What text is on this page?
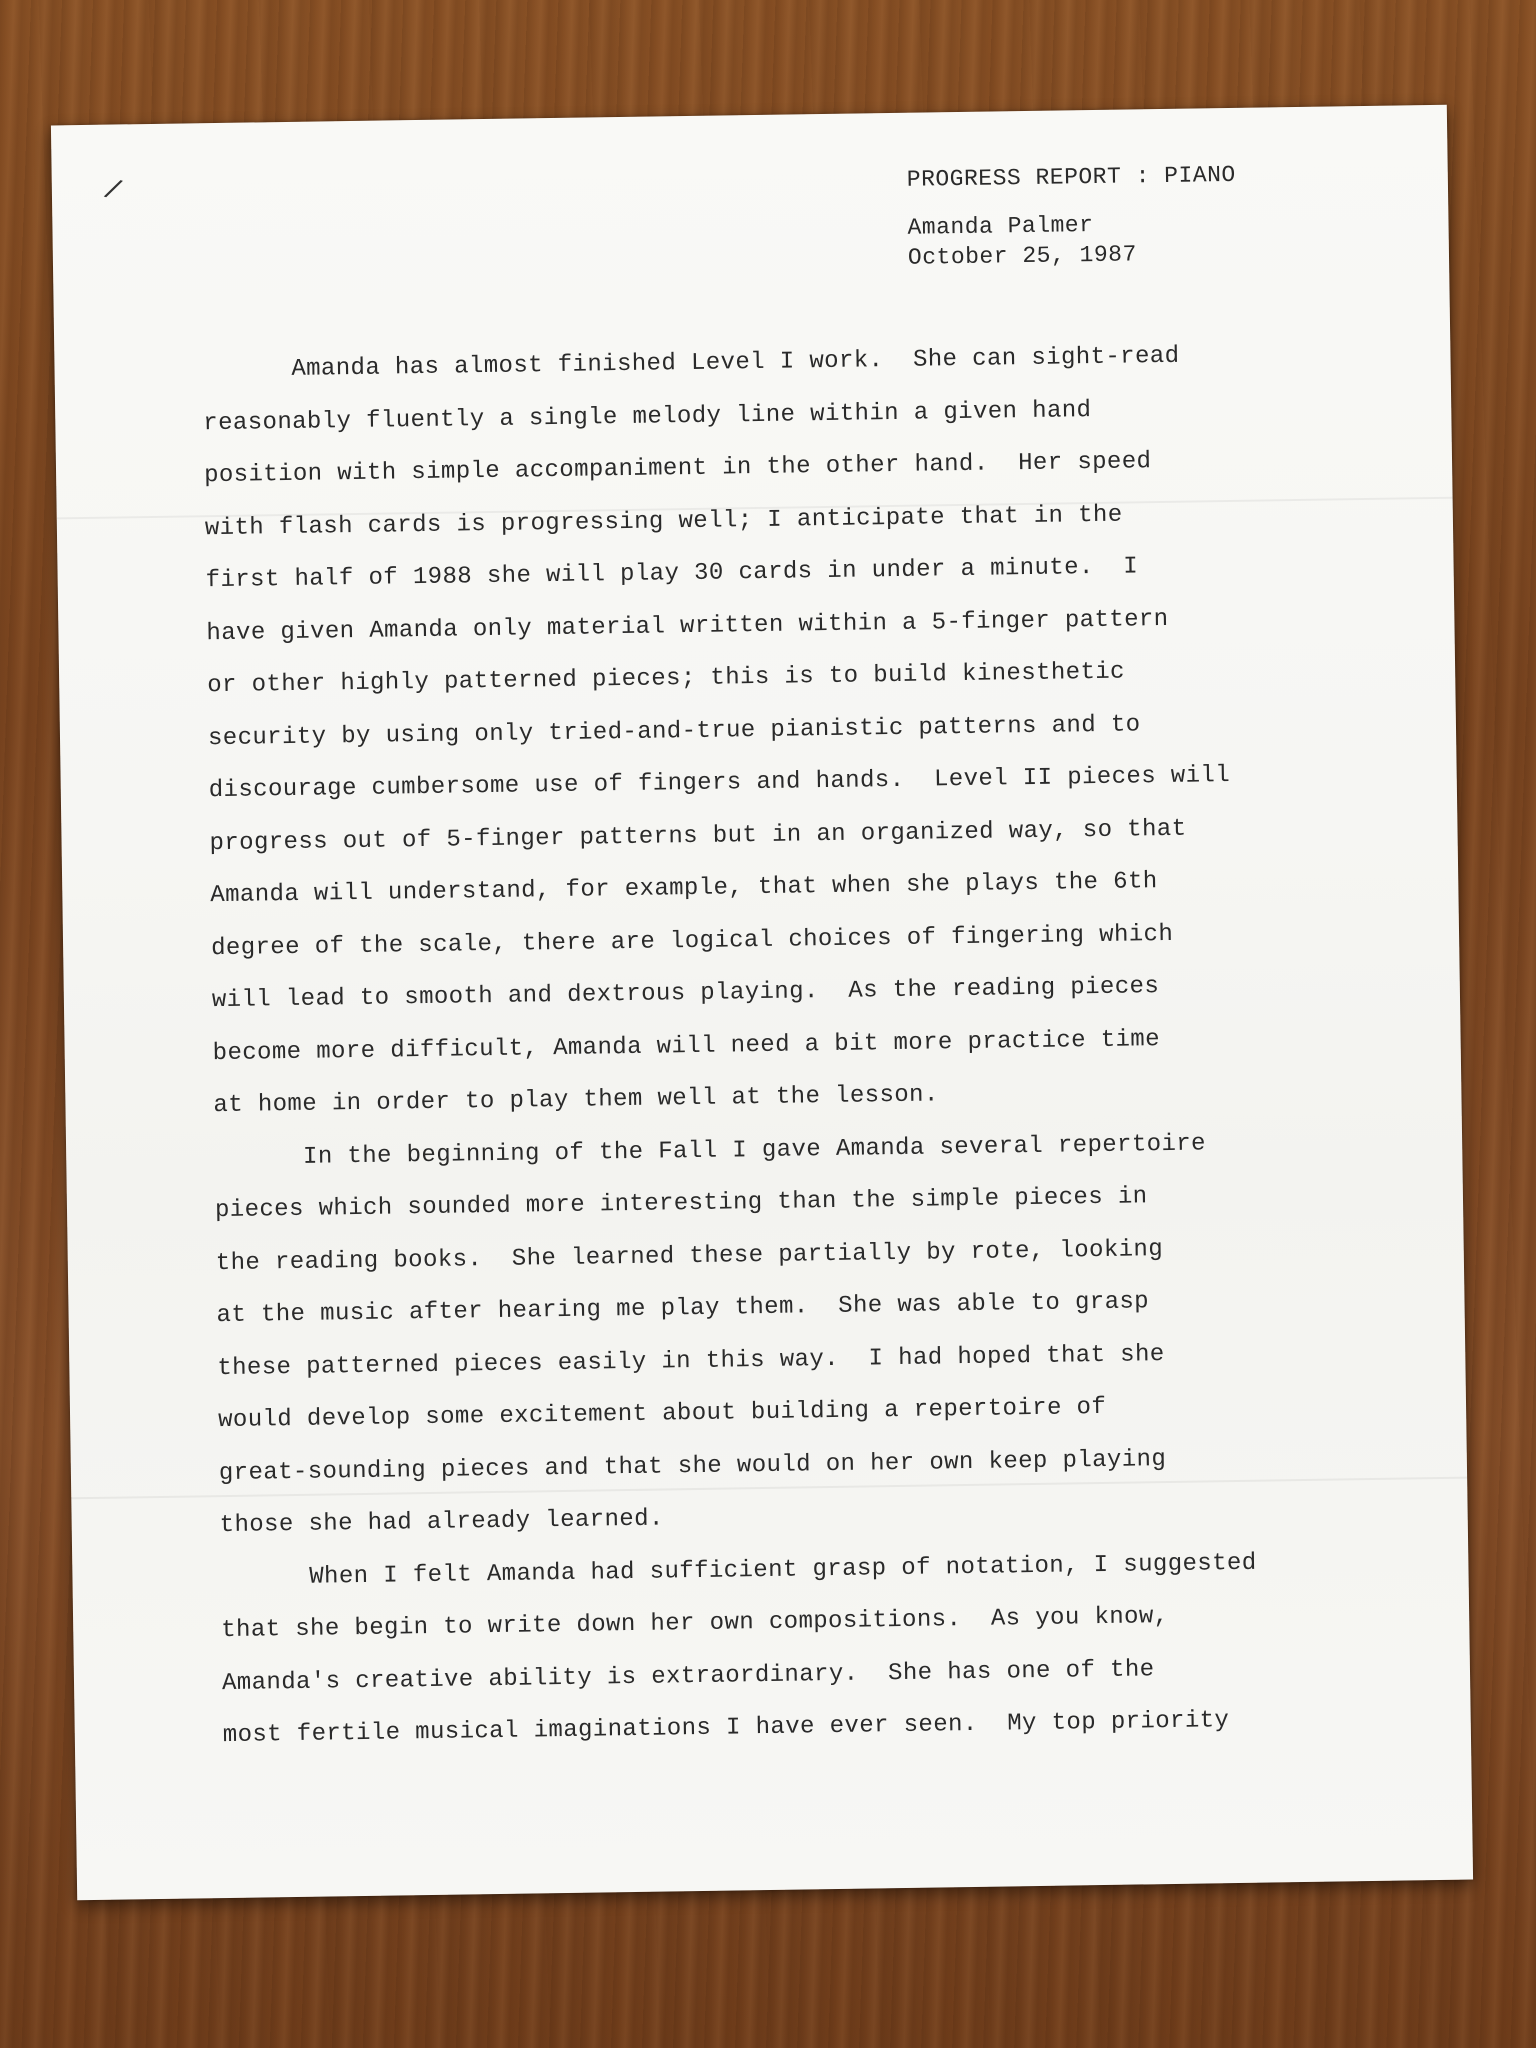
/	PROGRESS REPORT : PIANO
Amanda Palmer
October 25, 1987
Amanda has almost finished Level I work.  She can sight-read
reasonably fluently a single melody line within a given hand
position with simple accompaniment in the other hand.  Her speed
with flash cards is progressing well; I anticipate that in the
first half of 1988 she will play 30 cards in under a minute.  I
have given Amanda only material written within a 5-finger pattern
or other highly patterned pieces; this is to build kinesthetic
security by using only tried-and-true pianistic patterns and to
discourage cumbersome use of fingers and hands.  Level II pieces will
progress out of 5-finger patterns but in an organized way, so that
Amanda will understand, for example, that when she plays the 6th
degree of the scale, there are logical choices of fingering which
will lead to smooth and dextrous playing.  As the reading pieces
become more difficult, Amanda will need a bit more practice time
at home in order to play them well at the lesson.
In the beginning of the Fall I gave Amanda several repertoire
pieces which sounded more interesting than the simple pieces in
the reading books.  She learned these partially by rote, looking
at the music after hearing me play them.  She was able to grasp
these patterned pieces easily in this way.  I had hoped that she
would develop some excitement about building a repertoire of
great-sounding pieces and that she would on her own keep playing
those she had already learned.
When I felt Amanda had sufficient grasp of notation, I suggested
that she begin to write down her own compositions.  As you know,
Amanda's creative ability is extraordinary.  She has one of the
most fertile musical imaginations I have ever seen.  My top priority
